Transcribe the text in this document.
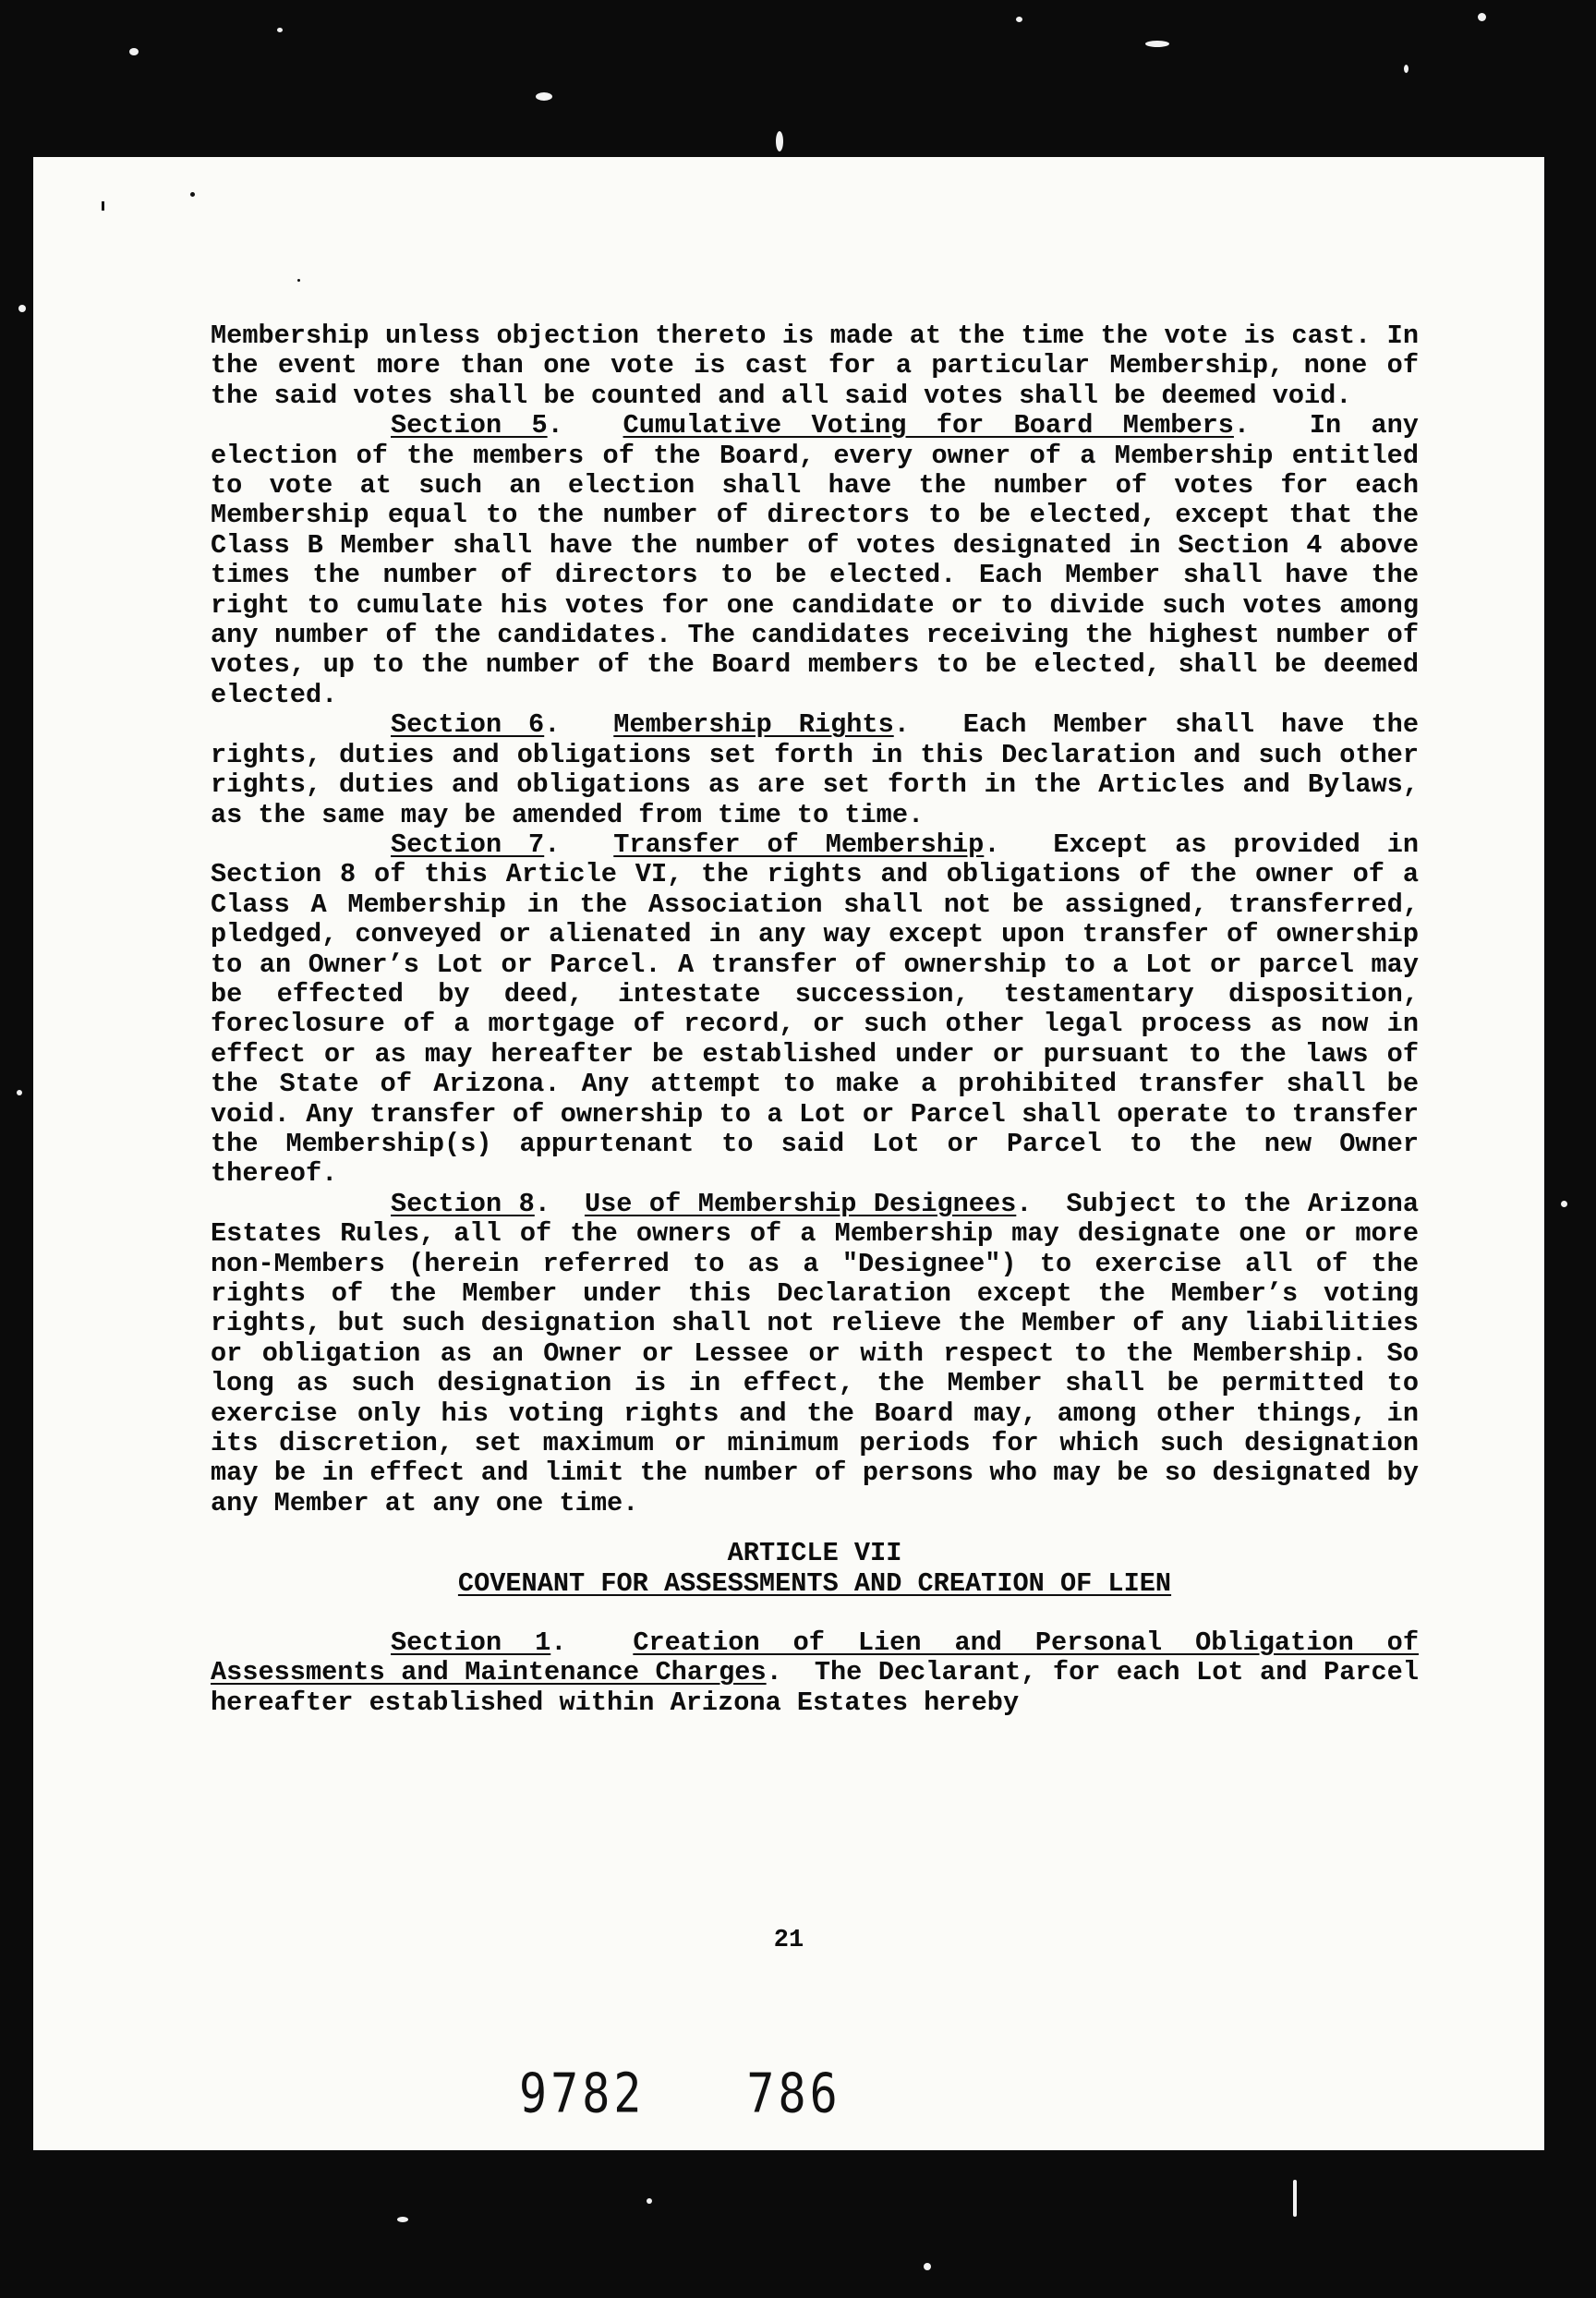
Membership unless objection thereto is made at the time the vote is cast. In the event more than one vote is cast for a particular Membership, none of the said votes shall be counted and all said votes shall be deemed void.

Section 5.  Cumulative Voting for Board Members.  In any election of the members of the Board, every owner of a Membership entitled to vote at such an election shall have the number of votes for each Membership equal to the number of directors to be elected, except that the Class B Member shall have the number of votes designated in Section 4 above times the number of directors to be elected. Each Member shall have the right to cumulate his votes for one candidate or to divide such votes among any number of the candidates. The candidates receiving the highest number of votes, up to the number of the Board members to be elected, shall be deemed elected.

Section 6.  Membership Rights.  Each Member shall have the rights, duties and obligations set forth in this Declaration and such other rights, duties and obligations as are set forth in the Articles and Bylaws, as the same may be amended from time to time.

Section 7.  Transfer of Membership.  Except as provided in Section 8 of this Article VI, the rights and obligations of the owner of a Class A Membership in the Association shall not be assigned, transferred, pledged, conveyed or alienated in any way except upon transfer of ownership to an Owner’s Lot or Parcel. A transfer of ownership to a Lot or parcel may be effected by deed, intestate succession, testamentary disposition, foreclosure of a mortgage of record, or such other legal process as now in effect or as may hereafter be established under or pursuant to the laws of the State of Arizona. Any attempt to make a prohibited transfer shall be void. Any transfer of ownership to a Lot or Parcel shall operate to transfer the Membership(s) appurtenant to said Lot or Parcel to the new Owner thereof.

Section 8.  Use of Membership Designees.  Subject to the Arizona Estates Rules, all of the owners of a Membership may designate one or more non-Members (herein referred to as a "Designee") to exercise all of the rights of the Member under this Declaration except the Member’s voting rights, but such designation shall not relieve the Member of any liabilities or obligation as an Owner or Lessee or with respect to the Membership. So long as such designation is in effect, the Member shall be permitted to exercise only his voting rights and the Board may, among other things, in its discretion, set maximum or minimum periods for which such designation may be in effect and limit the number of persons who may be so designated by any Member at any one time.

ARTICLE VII
COVENANT FOR ASSESSMENTS AND CREATION OF LIEN

Section 1.  Creation of Lien and Personal Obligation of Assessments and Maintenance Charges.  The Declarant, for each Lot and Parcel hereafter established within Arizona Estates hereby

21
9782 786
